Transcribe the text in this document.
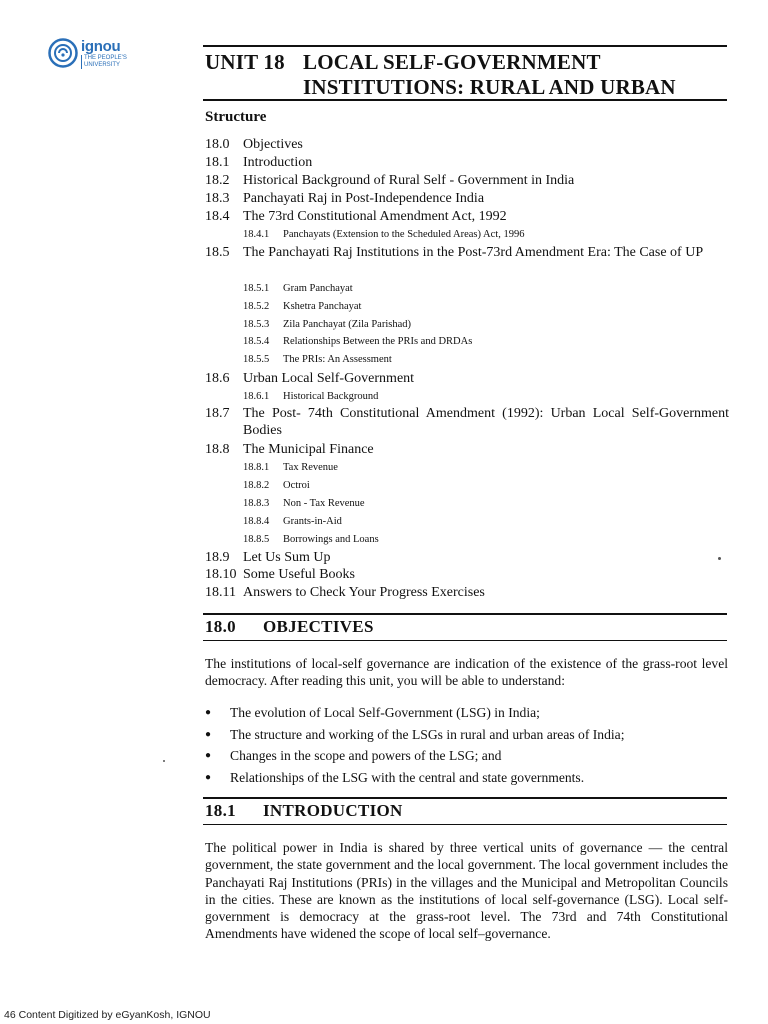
ignou
THE PEOPLE'S
UNIVERSITY	UNIT 18 LOCAL SELF-GOVERNMENT
INSTITUTIONS: RURAL AND URBAN
Structure
18.0 Objectives
18.1 Introduction
18.2 Historical Background of Rural Self - Government in India
18.3 Panchayati Raj in Post-Independence India
18.4 The 73rd Constitutional Amendment Act, 1992
18.4.1 Panchayats (Extension to the Scheduled Areas) Act, 1996
18.5 The Panchayati Raj Institutions in the Post-73rd Amendment Era: The Case of UP
18.5.1 Gram Panchayat
18.5.2 Kshetra Panchayat
18.5.3 Zila Panchayat (Zila Parishad)
18.5.4 Relationships Between the PRIs and DRDAs
18.5.5 The PRIs: An Assessment
18.6 Urban Local Self-Government
18.6.1 Historical Background
18.7 The Post- 74th Constitutional Amendment (1992): Urban Local Self-Government Bodies
18.8 The Municipal Finance
18.8.1 Tax Revenue
18.8.2 Octroi
18.8.3 Non - Tax Revenue
18.8.4 Grants-in-Aid
18.8.5 Borrowings and Loans
18.9 Let Us Sum Up
18.10 Some Useful Books
18.11 Answers to Check Your Progress Exercises
18.0 OBJECTIVES
The institutions of local-self governance are indication of the existence of the grass-root level democracy. After reading this unit, you will be able to understand:
● The evolution of Local Self-Government (LSG) in India;
● The structure and working of the LSGs in rural and urban areas of India;
● Changes in the scope and powers of the LSG; and
● Relationships of the LSG with the central and state governments.
18.1 INTRODUCTION
The political power in India is shared by three vertical units of governance — the central government, the state government and the local government. The local government includes the Panchayati Raj Institutions (PRIs) in the villages and the Municipal and Metropolitan Councils in the cities. These are known as the institutions of local self-governance (LSG). Local self-government is democracy at the grass-root level. The 73rd and 74th Constitutional Amendments have widened the scope of local self–governance.
46 Content Digitized by eGyanKosh, IGNOU
